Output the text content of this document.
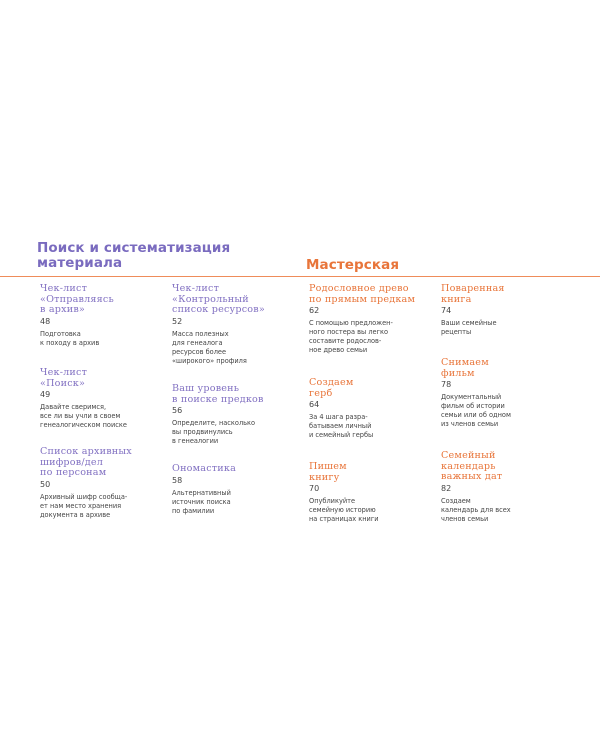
Поиск и систематизация
материала	Мастерская
Чек-лист
«Отправляясь
в архив»
48
Подготовка
к походу в архив
Чек-лист
«Поиск»
49
Давайте сверимся,
все ли вы учли в своем
генеалогическом поиске
Список архивных
шифров/дел
по персонам
50
Архивный шифр сообща-
ет нам место хранения
документа в архиве
Чек-лист
«Контрольный
список ресурсов»
52
Масса полезных
для генеалога
ресурсов более
«широкого» профиля
Ваш уровень
в поиске предков
56
Определите, насколько
вы продвинулись
в генеалогии
Ономастика
58
Альтернативный
источник поиска
по фамилии
Родословное древо
по прямым предкам
62
С помощью предложен-
ного постера вы легко
составите родослов-
ное древо семьи
Создаем
герб
64
За 4 шага разра-
батываем личный
и семейный гербы
Пишем
книгу
70
Опубликуйте
семейную историю
на страницах книги
Поваренная
книга
74
Ваши семейные
рецепты
Снимаем
фильм
78
Документальный
фильм об истории
семьи или об одном
из членов семьи
Семейный
календарь
важных дат
82
Создаем
календарь для всех
членов семьи
